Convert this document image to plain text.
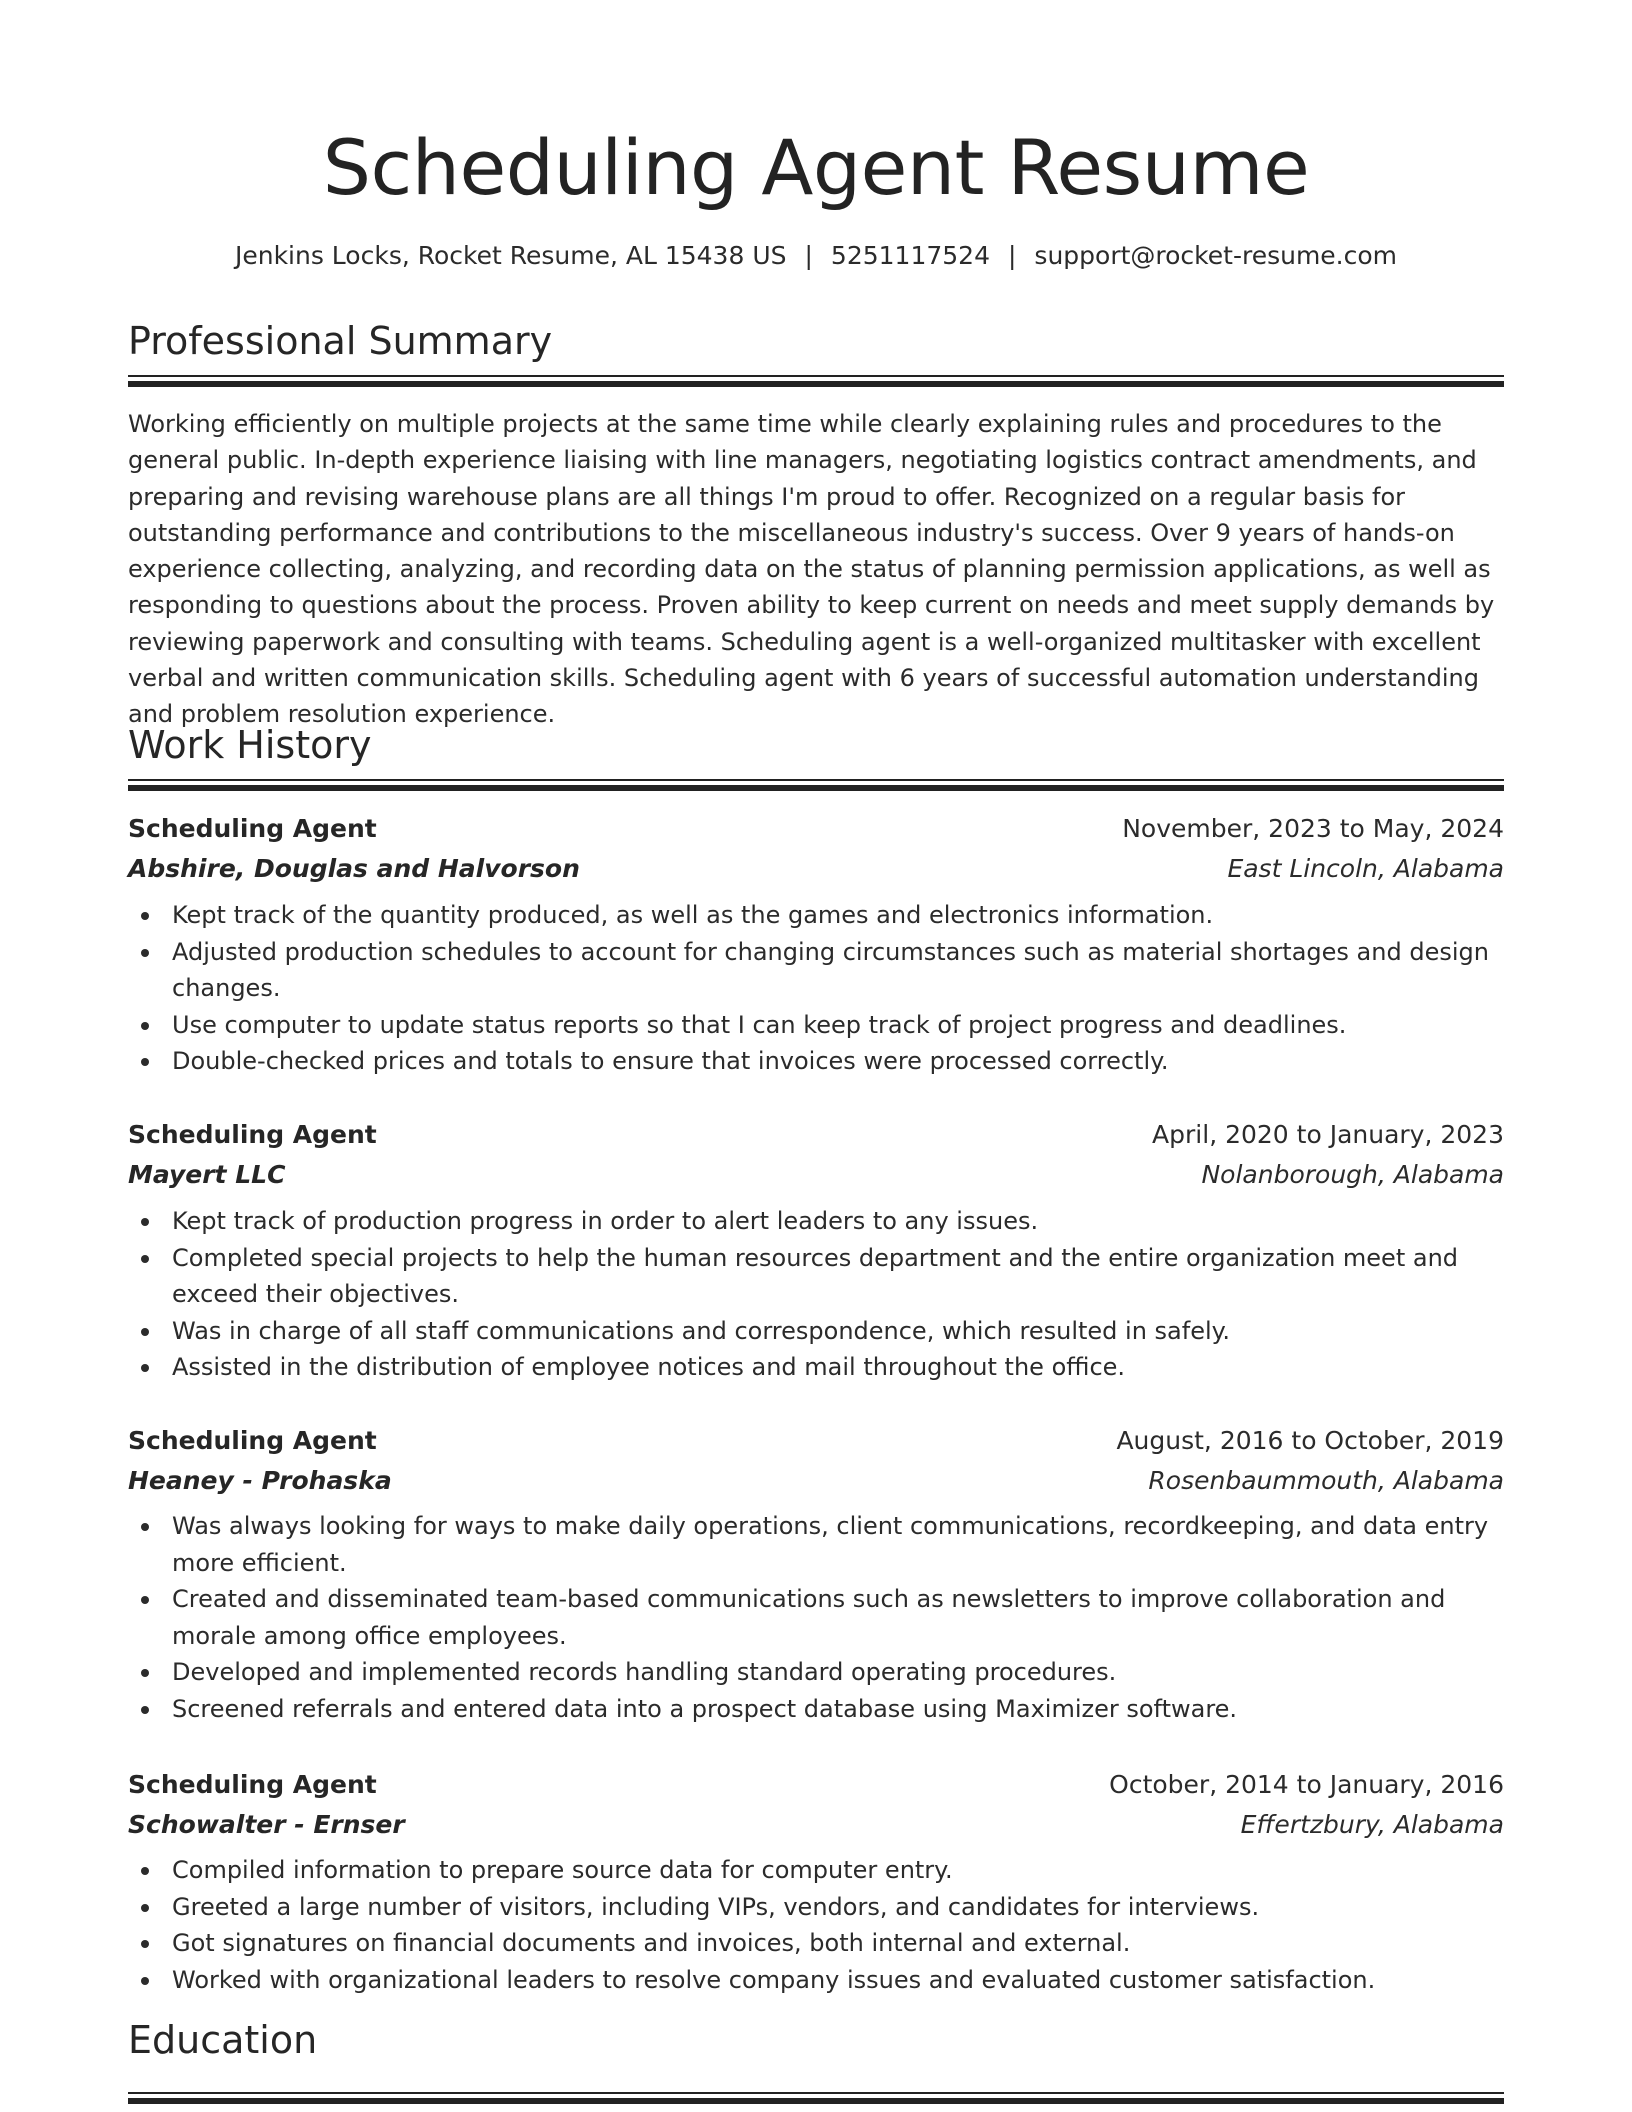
Scheduling Agent Resume
Jenkins Locks, Rocket Resume, AL 15438 US | 5251117524 | support@rocket-resume.com
Professional Summary

Working efficiently on multiple projects at the same time while clearly explaining rules and procedures to the general public. In-depth experience liaising with line managers, negotiating logistics contract amendments, and preparing and revising warehouse plans are all things I'm proud to offer. Recognized on a regular basis for outstanding performance and contributions to the miscellaneous industry's success. Over 9 years of hands-on experience collecting, analyzing, and recording data on the status of planning permission applications, as well as responding to questions about the process. Proven ability to keep current on needs and meet supply demands by reviewing paperwork and consulting with teams. Scheduling agent is a well-organized multitasker with excellent verbal and written communication skills. Scheduling agent with 6 years of successful automation understanding and problem resolution experience.

Work History
Scheduling Agent	November, 2023 to May, 2024
Abshire, Douglas and Halvorson	East Lincoln, Alabama
Kept track of the quantity produced, as well as the games and electronics information.
Adjusted production schedules to account for changing circumstances such as material shortages and design changes.
Use computer to update status reports so that I can keep track of project progress and deadlines.
Double-checked prices and totals to ensure that invoices were processed correctly.
Scheduling Agent	April, 2020 to January, 2023
Mayert LLC	Nolanborough, Alabama
Kept track of production progress in order to alert leaders to any issues.
Completed special projects to help the human resources department and the entire organization meet and exceed their objectives.
Was in charge of all staff communications and correspondence, which resulted in safely.
Assisted in the distribution of employee notices and mail throughout the office.
Scheduling Agent	August, 2016 to October, 2019
Heaney - Prohaska	Rosenbaummouth, Alabama
Was always looking for ways to make daily operations, client communications, recordkeeping, and data entry more efficient.
Created and disseminated team-based communications such as newsletters to improve collaboration and morale among office employees.
Developed and implemented records handling standard operating procedures.
Screened referrals and entered data into a prospect database using Maximizer software.
Scheduling Agent	October, 2014 to January, 2016
Schowalter - Ernser	Effertzbury, Alabama
Compiled information to prepare source data for computer entry.
Greeted a large number of visitors, including VIPs, vendors, and candidates for interviews.
Got signatures on financial documents and invoices, both internal and external.
Worked with organizational leaders to resolve company issues and evaluated customer satisfaction.
Education
